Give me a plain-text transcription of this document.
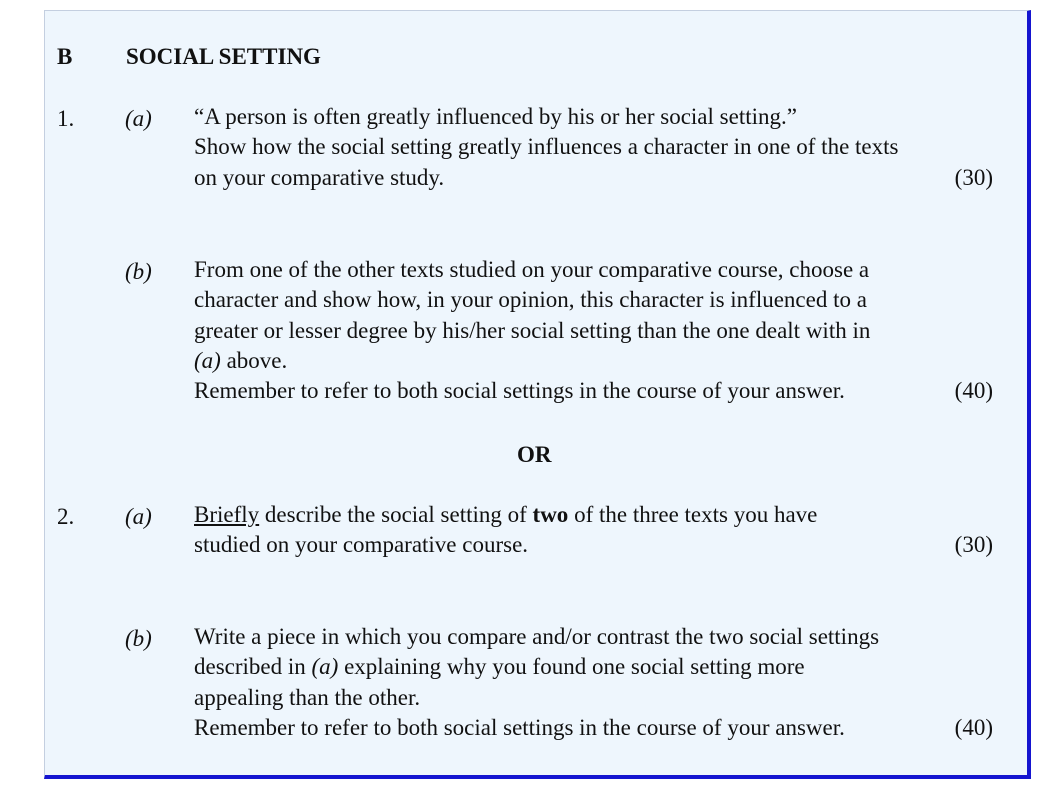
B SOCIAL SETTING
1. (a) “A person is often greatly influenced by his or her social setting.”
Show how the social setting greatly influences a character in one of the texts
on your comparative study.	(30)
(b) From one of the other texts studied on your comparative course, choose a
character and show how, in your opinion, this character is influenced to a
greater or lesser degree by his/her social setting than the one dealt with in
(a) above.
Remember to refer to both social settings in the course of your answer.	(40)
OR
2. (a) Briefly describe the social setting of two of the three texts you have
studied on your comparative course.	(30)
(b) Write a piece in which you compare and/or contrast the two social settings
described in (a) explaining why you found one social setting more
appealing than the other.
Remember to refer to both social settings in the course of your answer.	(40)
